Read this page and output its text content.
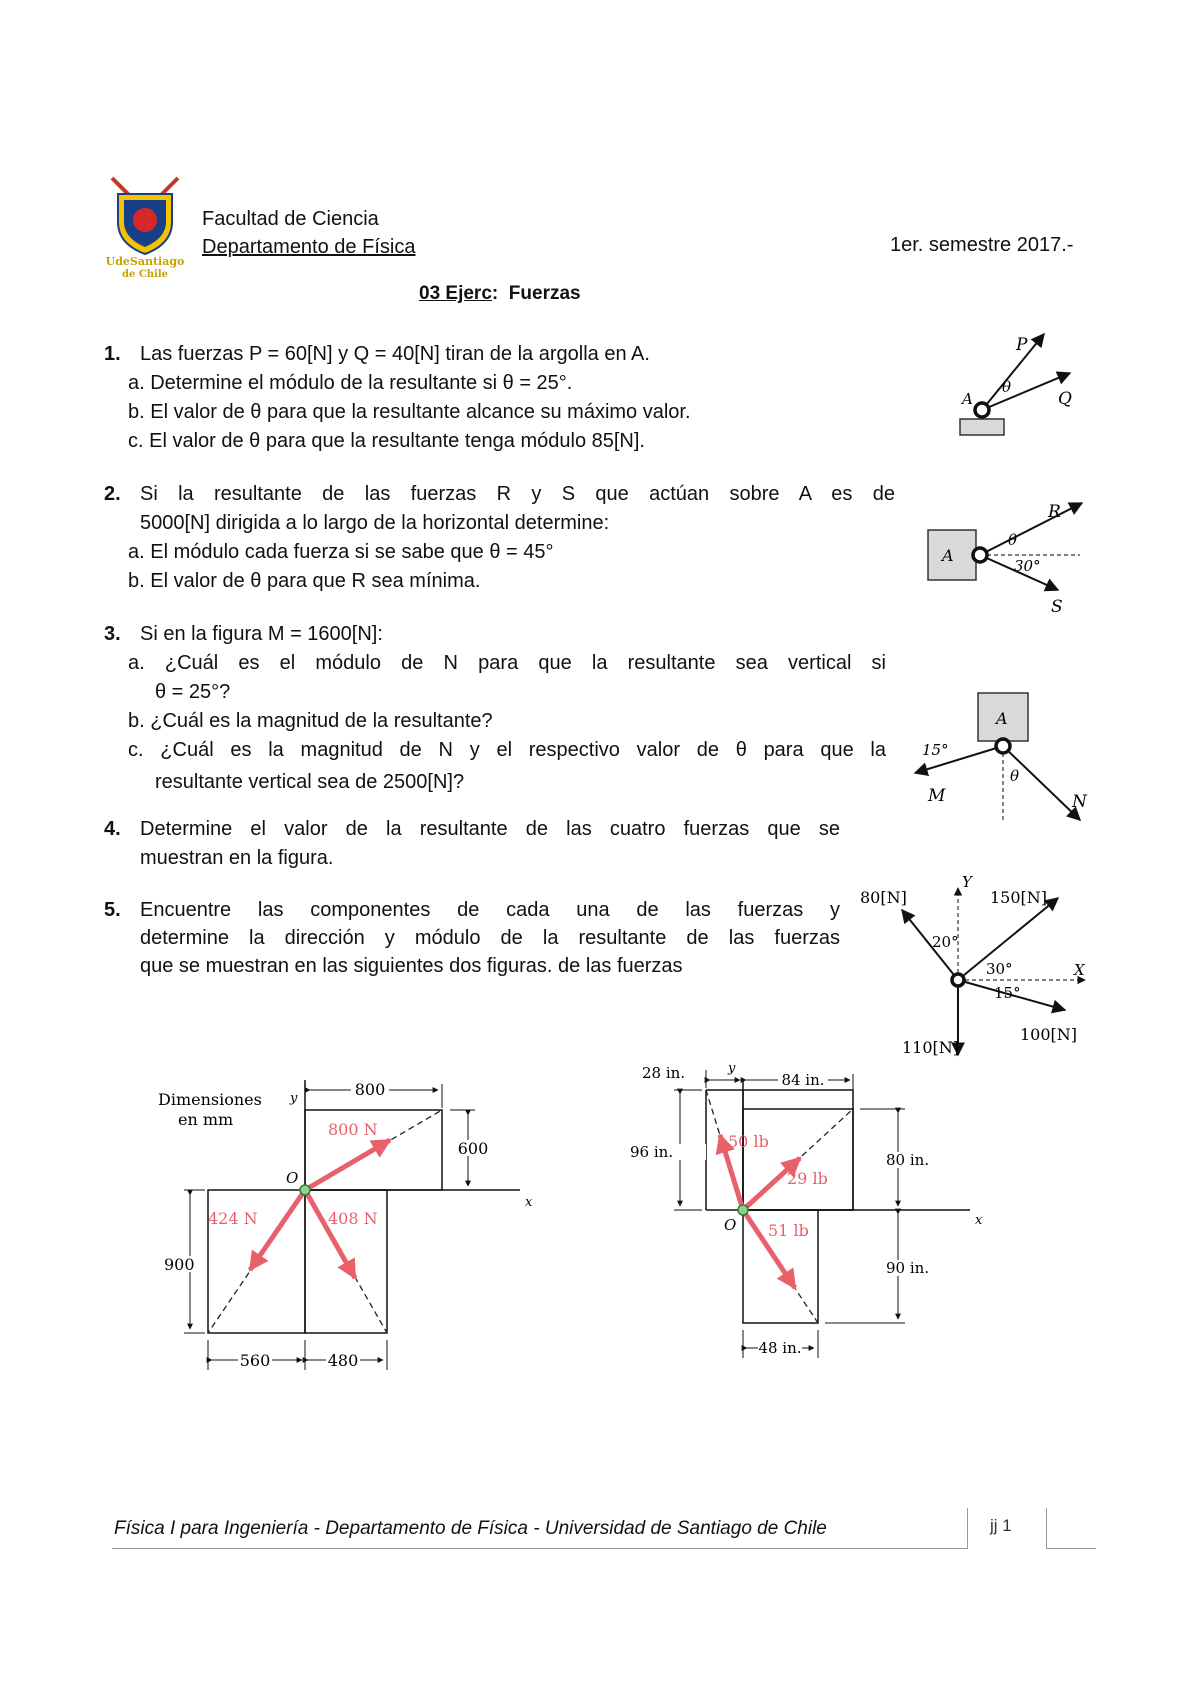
UdeSantiago
de Chile
Facultad de Ciencia
Departamento de Física	1er. semestre 2017.-
03 Ejerc: Fuerzas
1. Las fuerzas P = 60[N] y Q = 40[N] tiran de la argolla en A.
a. Determine el módulo de la resultante si θ = 25°.
b. El valor de θ para que la resultante alcance su máximo valor.
c. El valor de θ para que la resultante tenga módulo 85[N].
2. Si la resultante de las fuerzas R y S que actúan sobre A es de
5000[N] dirigida a lo largo de la horizontal determine:
a. El módulo cada fuerza si se sabe que θ = 45°
b. El valor de θ para que R sea mínima.
3. Si en la figura M = 1600[N]:
a. ¿Cuál es el módulo de N para que la resultante sea vertical si
θ = 25°?
b. ¿Cuál es la magnitud de la resultante?
c. ¿Cuál es la magnitud de N y el respectivo valor de θ para que la
resultante vertical sea de 2500[N]?
4. Determine el valor de la resultante de las cuatro fuerzas que se
muestran en la figura.
5. Encuentre las componentes de cada una de las fuerzas y
determine la dirección y módulo de la resultante de las fuerzas
que se muestran en las siguientes dos figuras. de las fuerzas
P
Q
A
θ
A
R
S
θ
30°
A
15°
M	N
θ
80[N]	150[N]
110[N]
100[N]
20°
30°
15°
X
Y
800
600
900
560	480
Dimensiones
en mm
y
x
O
800 N
424 N	408 N
28 in.	84 in.
96 in.	80 in.
90 in.
48 in.
y
x
O
50 lb
29 lb
51 lb
Física I para Ingeniería - Departamento de Física - Universidad de Santiago de Chile	jj 1
